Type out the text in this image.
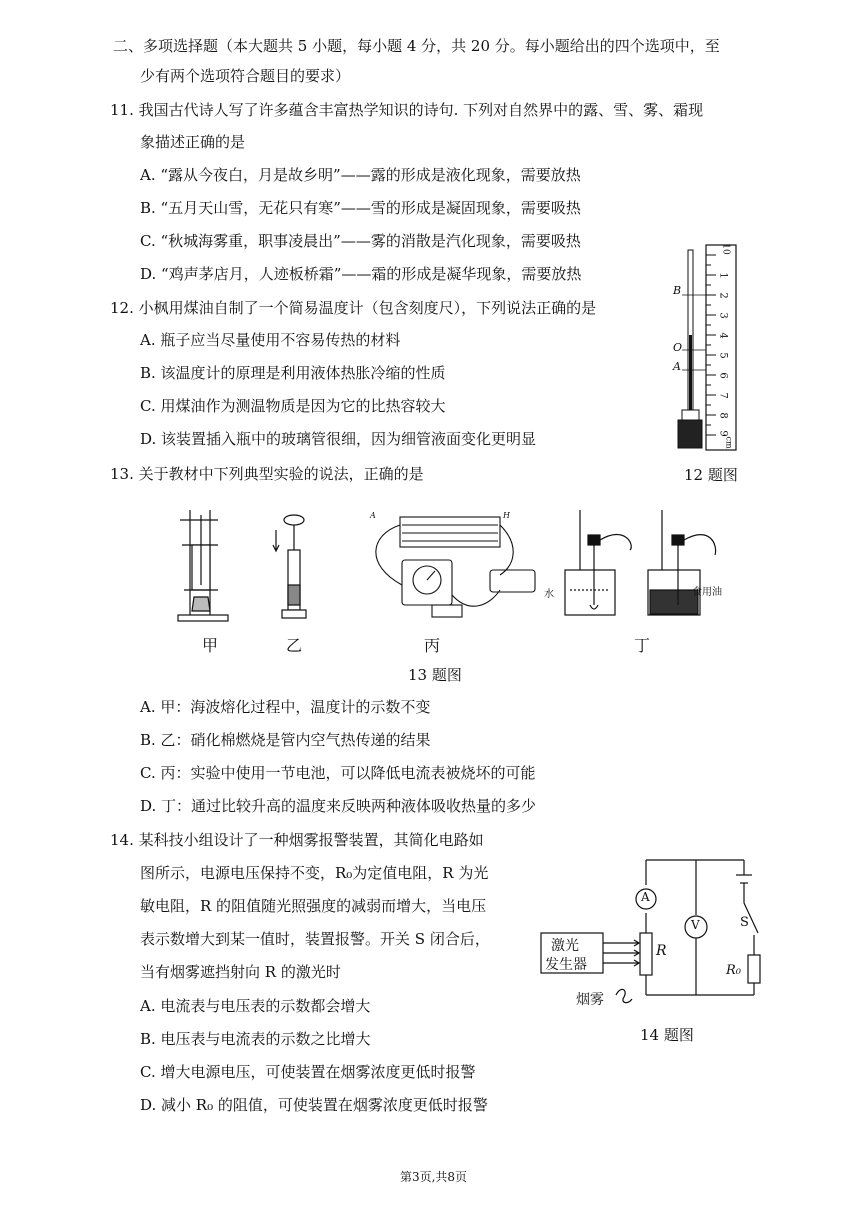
二、多项选择题（本大题共 5 小题，每小题 4 分，共 20 分。每小题给出的四个选项中，至
少有两个选项符合题目的要求）
11. 我国古代诗人写了许多蕴含丰富热学知识的诗句. 下列对自然界中的露、雪、雾、霜现
象描述正确的是
A. “露从今夜白，月是故乡明”——露的形成是液化现象，需要放热
B. “五月天山雪，无花只有寒”——雪的形成是凝固现象，需要吸热
C. “秋城海雾重，职事凌晨出”——雾的消散是汽化现象，需要吸热
D. “鸡声茅店月，人迹板桥霜”——霜的形成是凝华现象，需要放热
12. 小枫用煤油自制了一个简易温度计（包含刻度尺），下列说法正确的是
A. 瓶子应当尽量使用不容易传热的材料
B. 该温度计的原理是利用液体热胀冷缩的性质
C. 用煤油作为测温物质是因为它的比热容较大
D. 该装置插入瓶中的玻璃管很细，因为细管液面变化更明显
B
O
A
1
2
3
4
5
6
7
8
9
cm
10
12 题图
13. 关于教材中下列典型实验的说法，正确的是
A	H
水	食用油
甲	乙	丙	丁
13 题图
A. 甲：海波熔化过程中，温度计的示数不变
B. 乙：硝化棉燃烧是管内空气热传递的结果
C. 丙：实验中使用一节电池，可以降低电流表被烧坏的可能
D. 丁：通过比较升高的温度来反映两种液体吸收热量的多少
14. 某科技小组设计了一种烟雾报警装置，其简化电路如
图所示，电源电压保持不变，R₀为定值电阻，R 为光
敏电阻，R 的阻值随光照强度的减弱而增大，当电压
表示数增大到某一值时，装置报警。开关 S 闭合后，
当有烟雾遮挡射向 R 的激光时
A. 电流表与电压表的示数都会增大
B. 电压表与电流表的示数之比增大
C. 增大电源电压，可使装置在烟雾浓度更低时报警
D. 减小 R₀ 的阻值，可使装置在烟雾浓度更低时报警
A
V
R
R₀
S
激光
发生器
烟雾
14 题图
第3页,共8页
